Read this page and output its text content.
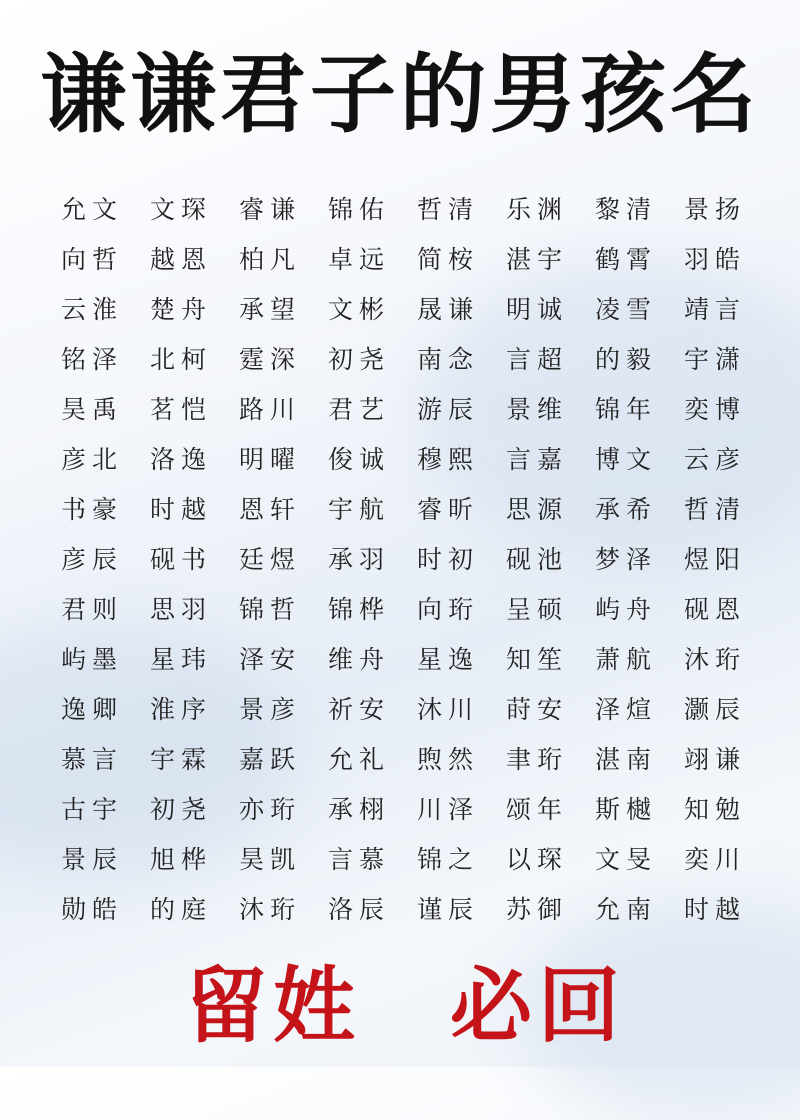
谦谦君子的男孩名
允文	文琛	睿谦	锦佑	哲清	乐渊	黎清	景扬
向哲	越恩	柏凡	卓远	简桉	湛宇	鹤霄	羽皓
云淮	楚舟	承望	文彬	晟谦	明诚	凌雪	靖言
铭泽	北柯	霆深	初尧	南念	言超	的毅	宇潇
昊禹	茗恺	路川	君艺	游辰	景维	锦年	奕博
彦北	洛逸	明曜	俊诚	穆熙	言嘉	博文	云彦
书豪	时越	恩轩	宇航	睿昕	思源	承希	哲清
彦辰	砚书	廷煜	承羽	时初	砚池	梦泽	煜阳
君则	思羽	锦哲	锦桦	向珩	呈硕	屿舟	砚恩
屿墨	星玮	泽安	维舟	星逸	知笙	萧航	沐珩
逸卿	淮序	景彦	祈安	沐川	莳安	泽煊	灏辰
慕言	宇霖	嘉跃	允礼	煦然	聿珩	湛南	翊谦
古宇	初尧	亦珩	承栩	川泽	颂年	斯樾	知勉
景辰	旭桦	昊凯	言慕	锦之	以琛	文旻	奕川
勋皓	的庭	沐珩	洛辰	谨辰	苏御	允南	时越
留姓 必回
